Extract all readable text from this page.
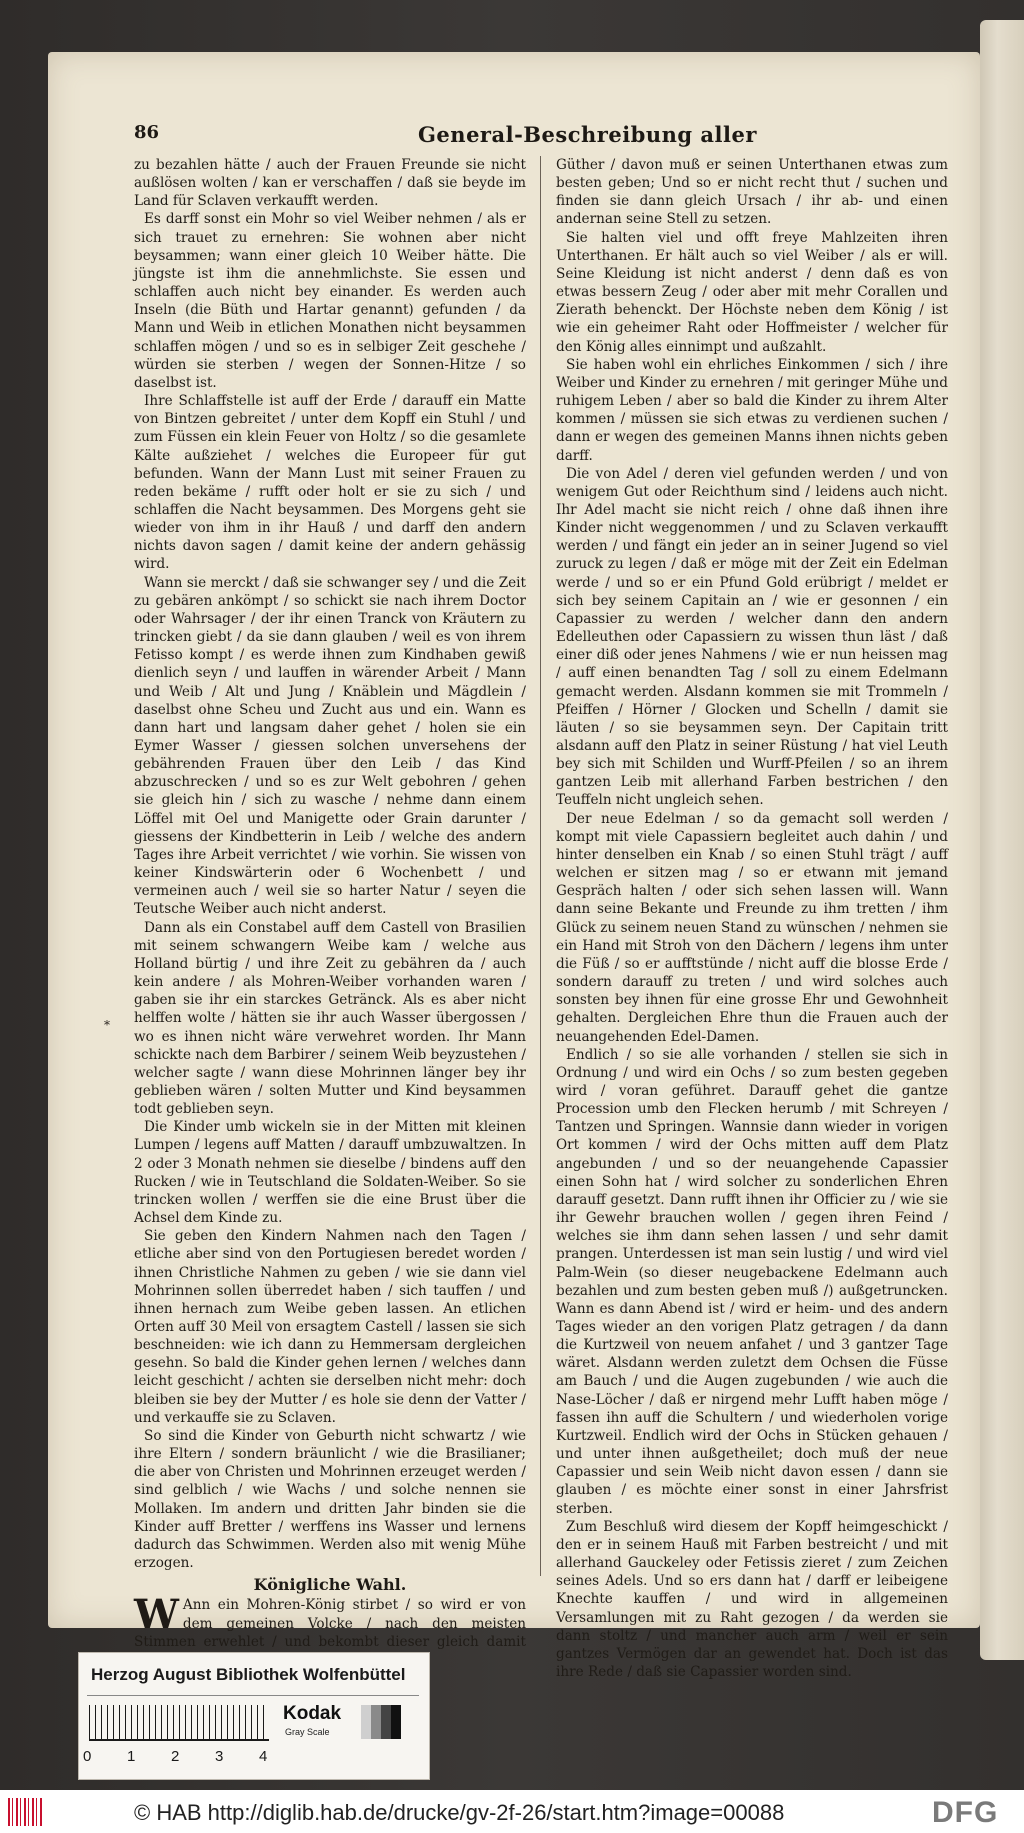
86	General-Beschreibung aller

zu bezahlen hätte / auch der Frauen Freunde sie nicht außlösen wolten / kan er verschaffen / daß sie beyde im Land für Sclaven verkaufft werden.

Es darff sonst ein Mohr so viel Weiber nehmen / als er sich trauet zu ernehren: Sie wohnen aber nicht beysammen; wann einer gleich 10 Weiber hätte. Die jüngste ist ihm die annehmlichste. Sie essen und schlaffen auch nicht bey einander. Es werden auch Inseln (die Büth und Hartar genannt) gefunden / da Mann und Weib in etlichen Monathen nicht beysammen schlaffen mögen / und so es in selbiger Zeit geschehe / würden sie sterben / wegen der Sonnen-Hitze / so daselbst ist.

Ihre Schlaffstelle ist auff der Erde / darauff ein Matte von Bintzen gebreitet / unter dem Kopff ein Stuhl / und zum Füssen ein klein Feuer von Holtz / so die gesamlete Kälte außziehet / welches die Europeer für gut befunden. Wann der Mann Lust mit seiner Frauen zu reden bekäme / rufft oder holt er sie zu sich / und schlaffen die Nacht beysammen. Des Morgens geht sie wieder von ihm in ihr Hauß / und darff den andern nichts davon sagen / damit keine der andern gehässig wird.

Wann sie merckt / daß sie schwanger sey / und die Zeit zu gebären ankömpt / so schickt sie nach ihrem Doctor oder Wahrsager / der ihr einen Tranck von Kräutern zu trincken giebt / da sie dann glauben / weil es von ihrem Fetisso kompt / es werde ihnen zum Kindhaben gewiß dienlich seyn / und lauffen in wärender Arbeit / Mann und Weib / Alt und Jung / Knäblein und Mägdlein / daselbst ohne Scheu und Zucht aus und ein. Wann es dann hart und langsam daher gehet / holen sie ein Eymer Wasser / giessen solchen unversehens der gebährenden Frauen über den Leib / das Kind abzuschrecken / und so es zur Welt gebohren / gehen sie gleich hin / sich zu wasche / nehme dann einem Löffel mit Oel und Manigette oder Grain darunter / giessens der Kindbetterin in Leib / welche des andern Tages ihre Arbeit verrichtet / wie vorhin. Sie wissen von keiner Kindswärterin oder 6 Wochenbett / und vermeinen auch / weil sie so harter Natur / seyen die Teutsche Weiber auch nicht anderst.

Dann als ein Constabel auff dem Castell von Brasilien mit seinem schwangern Weibe kam / welche aus Holland bürtig / und ihre Zeit zu gebähren da / auch kein andere / als Mohren-Weiber vorhanden waren / gaben sie ihr ein starckes Getränck. Als es aber nicht helffen wolte / hätten sie ihr auch Wasser übergossen / wo es ihnen nicht wäre verwehret worden. Ihr Mann schickte nach dem Barbirer / seinem Weib beyzustehen / welcher sagte / wann diese Mohrinnen länger bey ihr geblieben wären / solten Mutter und Kind beysammen todt geblieben seyn.

Die Kinder umb wickeln sie in der Mitten mit kleinen Lumpen / legens auff Matten / darauff umbzuwaltzen. In 2 oder 3 Monath nehmen sie dieselbe / bindens auff den Rucken / wie in Teutschland die Soldaten-Weiber. So sie trincken wollen / werffen sie die eine Brust über die Achsel dem Kinde zu.

Sie geben den Kindern Nahmen nach den Tagen / etliche aber sind von den Portugiesen beredet worden / ihnen Christliche Nahmen zu geben / wie sie dann viel Mohrinnen sollen überredet haben / sich tauffen / und ihnen hernach zum Weibe geben lassen. An etlichen Orten auff 30 Meil von ersagtem Castell / lassen sie sich beschneiden: wie ich dann zu Hemmersam dergleichen gesehn. So bald die Kinder gehen lernen / welches dann leicht geschicht / achten sie derselben nicht mehr: doch bleiben sie bey der Mutter / es hole sie denn der Vatter / und verkauffe sie zu Sclaven.

So sind die Kinder von Geburth nicht schwartz / wie ihre Eltern / sondern bräunlicht / wie die Brasilianer; die aber von Christen und Mohrinnen erzeuget werden / sind gelblich / wie Wachs / und solche nennen sie Mollaken. Im andern und dritten Jahr binden sie die Kinder auff Bretter / werffens ins Wasser und lernens dadurch das Schwimmen. Werden also mit wenig Mühe erzogen.

Königliche Wahl.

W Ann ein Mohren-König stirbet / so wird er von dem gemeinen Volcke / nach den meisten Stimmen erwehlet / und bekombt dieser gleich damit

Güther / davon muß er seinen Unterthanen etwas zum besten geben; Und so er nicht recht thut / suchen und finden sie dann gleich Ursach / ihr ab- und einen andernan seine Stell zu setzen.

Sie halten viel und offt freye Mahlzeiten ihren Unterthanen. Er hält auch so viel Weiber / als er will. Seine Kleidung ist nicht anderst / denn daß es von etwas bessern Zeug / oder aber mit mehr Corallen und Zierath behenckt. Der Höchste neben dem König / ist wie ein geheimer Raht oder Hoffmeister / welcher für den König alles einnimpt und außzahlt.

Sie haben wohl ein ehrliches Einkommen / sich / ihre Weiber und Kinder zu ernehren / mit geringer Mühe und ruhigem Leben / aber so bald die Kinder zu ihrem Alter kommen / müssen sie sich etwas zu verdienen suchen / dann er wegen des gemeinen Manns ihnen nichts geben darff.

Die von Adel / deren viel gefunden werden / und von wenigem Gut oder Reichthum sind / leidens auch nicht. Ihr Adel macht sie nicht reich / ohne daß ihnen ihre Kinder nicht weggenommen / und zu Sclaven verkaufft werden / und fängt ein jeder an in seiner Jugend so viel zuruck zu legen / daß er möge mit der Zeit ein Edelman werde / und so er ein Pfund Gold erübrigt / meldet er sich bey seinem Capitain an / wie er gesonnen / ein Capassier zu werden / welcher dann den andern Edelleuthen oder Capassiern zu wissen thun läst / daß einer diß oder jenes Nahmens / wie er nun heissen mag / auff einen benandten Tag / soll zu einem Edelmann gemacht werden. Alsdann kommen sie mit Trommeln / Pfeiffen / Hörner / Glocken und Schelln / damit sie läuten / so sie beysammen seyn. Der Capitain tritt alsdann auff den Platz in seiner Rüstung / hat viel Leuth bey sich mit Schilden und Wurff-Pfeilen / so an ihrem gantzen Leib mit allerhand Farben bestrichen / den Teuffeln nicht ungleich sehen.

Der neue Edelman / so da gemacht soll werden / kompt mit viele Capassiern begleitet auch dahin / und hinter denselben ein Knab / so einen Stuhl trägt / auff welchen er sitzen mag / so er etwann mit jemand Gespräch halten / oder sich sehen lassen will. Wann dann seine Bekante und Freunde zu ihm tretten / ihm Glück zu seinem neuen Stand zu wünschen / nehmen sie ein Hand mit Stroh von den Dächern / legens ihm unter die Füß / so er aufftstünde / nicht auff die blosse Erde / sondern darauff zu treten / und wird solches auch sonsten bey ihnen für eine grosse Ehr und Gewohnheit gehalten. Dergleichen Ehre thun die Frauen auch der neuangehenden Edel-Damen.

Endlich / so sie alle vorhanden / stellen sie sich in Ordnung / und wird ein Ochs / so zum besten gegeben wird / voran geführet. Darauff gehet die gantze Procession umb den Flecken herumb / mit Schreyen / Tantzen und Springen. Wannsie dann wieder in vorigen Ort kommen / wird der Ochs mitten auff dem Platz angebunden / und so der neuangehende Capassier einen Sohn hat / wird solcher zu sonderlichen Ehren darauff gesetzt. Dann rufft ihnen ihr Officier zu / wie sie ihr Gewehr brauchen wollen / gegen ihren Feind / welches sie ihm dann sehen lassen / und sehr damit prangen. Unterdessen ist man sein lustig / und wird viel Palm-Wein (so dieser neugebackene Edelmann auch bezahlen und zum besten geben muß /) außgetruncken. Wann es dann Abend ist / wird er heim- und des andern Tages wieder an den vorigen Platz getragen / da dann die Kurtzweil von neuem anfahet / und 3 gantzer Tage wäret. Alsdann werden zuletzt dem Ochsen die Füsse am Bauch / und die Augen zugebunden / wie auch die Nase-Löcher / daß er nirgend mehr Lufft haben möge / fassen ihn auff die Schultern / und wiederholen vorige Kurtzweil. Endlich wird der Ochs in Stücken gehauen / und unter ihnen außgetheilet; doch muß der neue Capassier und sein Weib nicht davon essen / dann sie glauben / es möchte einer sonst in einer Jahrsfrist sterben.

Zum Beschluß wird diesem der Kopff heimgeschickt / den er in seinem Hauß mit Farben bestreicht / und mit allerhand Gauckeley oder Fetissis zieret / zum Zeichen seines Adels. Und so ers dann hat / darff er leibeigene Knechte kauffen / und wird in allgemeinen Versamlungen mit zu Raht gezogen / da werden sie dann stoltz / und mancher auch arm / weil er sein gantzes Vermögen dar an gewendet hat. Doch ist das ihre Rede / daß sie Capassier worden sind.

*
Herzog August Bibliothek Wolfenbüttel
0 1 2 3 4
Kodak
Gray Scale
© HAB http://diglib.hab.de/drucke/gv-2f-26/start.htm?image=00088	DFG
